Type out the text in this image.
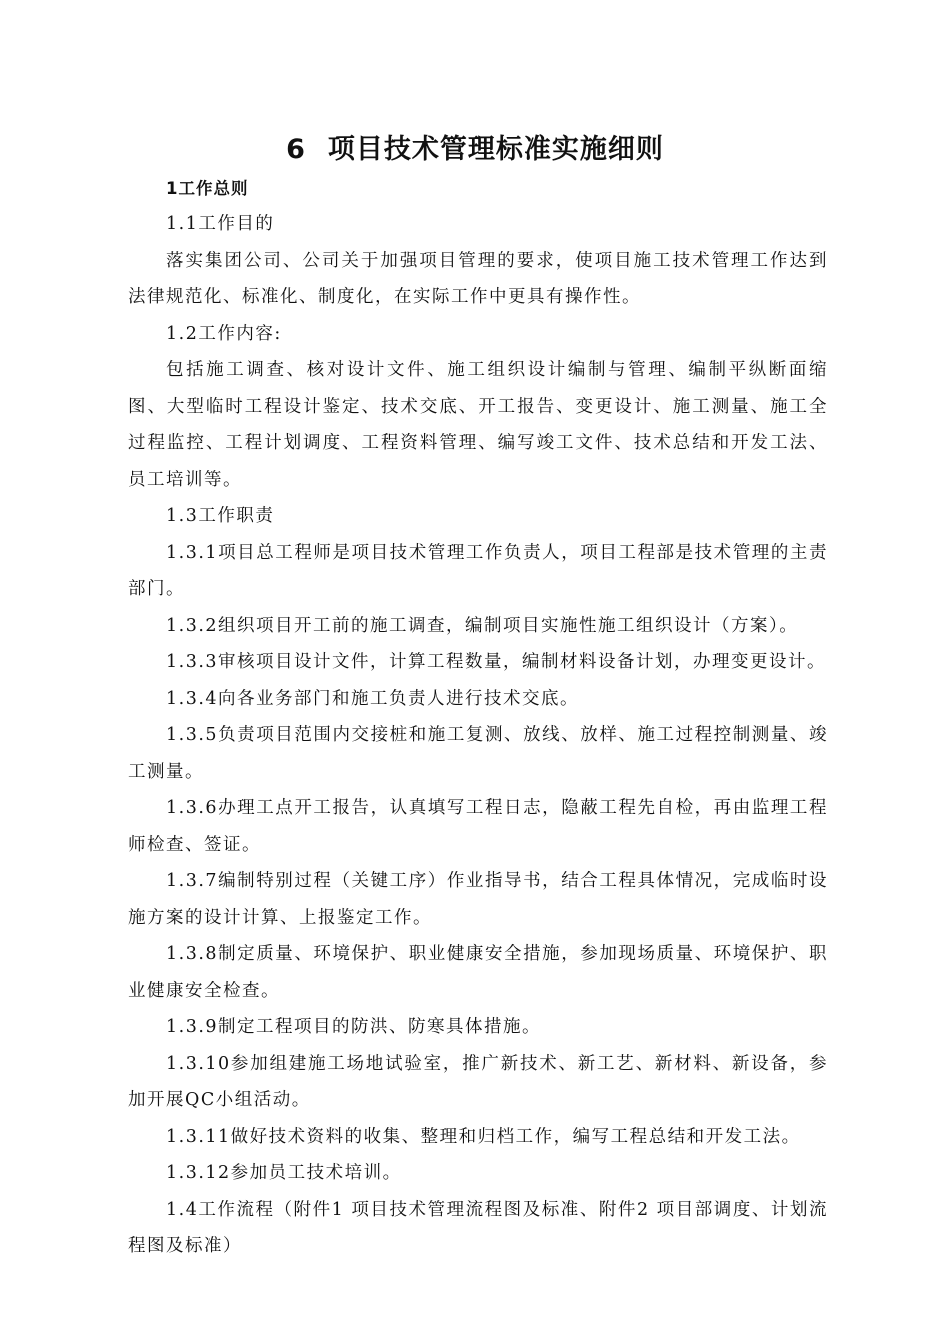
6 项目技术管理标准实施细则

1工作总则

1.1工作目的

落实集团公司、公司关于加强项目管理的要求，使项目施工技术管理工作达到法律规范化、标准化、制度化，在实际工作中更具有操作性。

1.2工作内容:

包括施工调查、核对设计文件、施工组织设计编制与管理、编制平纵断面缩图、大型临时工程设计鉴定、技术交底、开工报告、变更设计、施工测量、施工全过程监控、工程计划调度、工程资料管理、编写竣工文件、技术总结和开发工法、员工培训等。

1.3工作职责

1.3.1项目总工程师是项目技术管理工作负责人，项目工程部是技术管理的主责部门。

1.3.2组织项目开工前的施工调查，编制项目实施性施工组织设计（方案）。

1.3.3审核项目设计文件，计算工程数量，编制材料设备计划，办理变更设计。

1.3.4向各业务部门和施工负责人进行技术交底。

1.3.5负责项目范围内交接桩和施工复测、放线、放样、施工过程控制测量、竣工测量。

1.3.6办理工点开工报告，认真填写工程日志，隐蔽工程先自检，再由监理工程师检查、签证。

1.3.7编制特别过程（关键工序）作业指导书，结合工程具体情况，完成临时设施方案的设计计算、上报鉴定工作。

1.3.8制定质量、环境保护、职业健康安全措施，参加现场质量、环境保护、职业健康安全检查。

1.3.9制定工程项目的防洪、防寒具体措施。

1.3.10参加组建施工场地试验室，推广新技术、新工艺、新材料、新设备，参加开展QC小组活动。

1.3.11做好技术资料的收集、整理和归档工作，编写工程总结和开发工法。

1.3.12参加员工技术培训。

1.4工作流程（附件1 项目技术管理流程图及标准、附件2 项目部调度、计划流程图及标准）
